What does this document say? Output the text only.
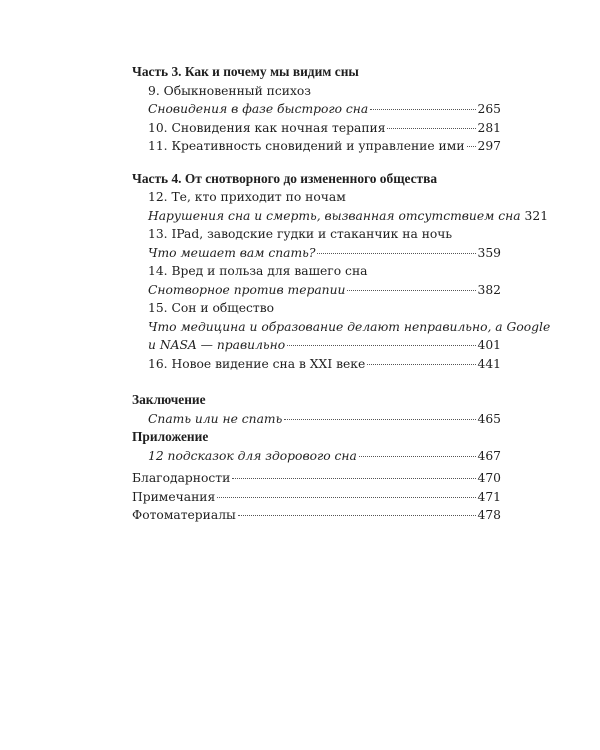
Часть 3. Как и почему мы видим сны
9. Обыкновенный психоз
Сновидения в фазе быстрого сна	265
10. Сновидения как ночная терапия	281
11. Креативность сновидений и управление ими 297
Часть 4. От снотворного до измененного общества
12. Те, кто приходит по ночам
Нарушения сна и смерть, вызванная отсутствием сна 321
13. IPad, заводские гудки и стаканчик на ночь
Что мешает вам спать?	359
14. Вред и польза для вашего сна
Снотворное против терапии	382
15. Сон и общество
Что медицина и образование делают неправильно, а Google
и NASA — правильно	401
16. Новое видение сна в XXI веке	441
Заключение
Спать или не спать	465
Приложение
12 подсказок для здорового сна	467
Благодарности	470
Примечания	471
Фотоматериалы	478
